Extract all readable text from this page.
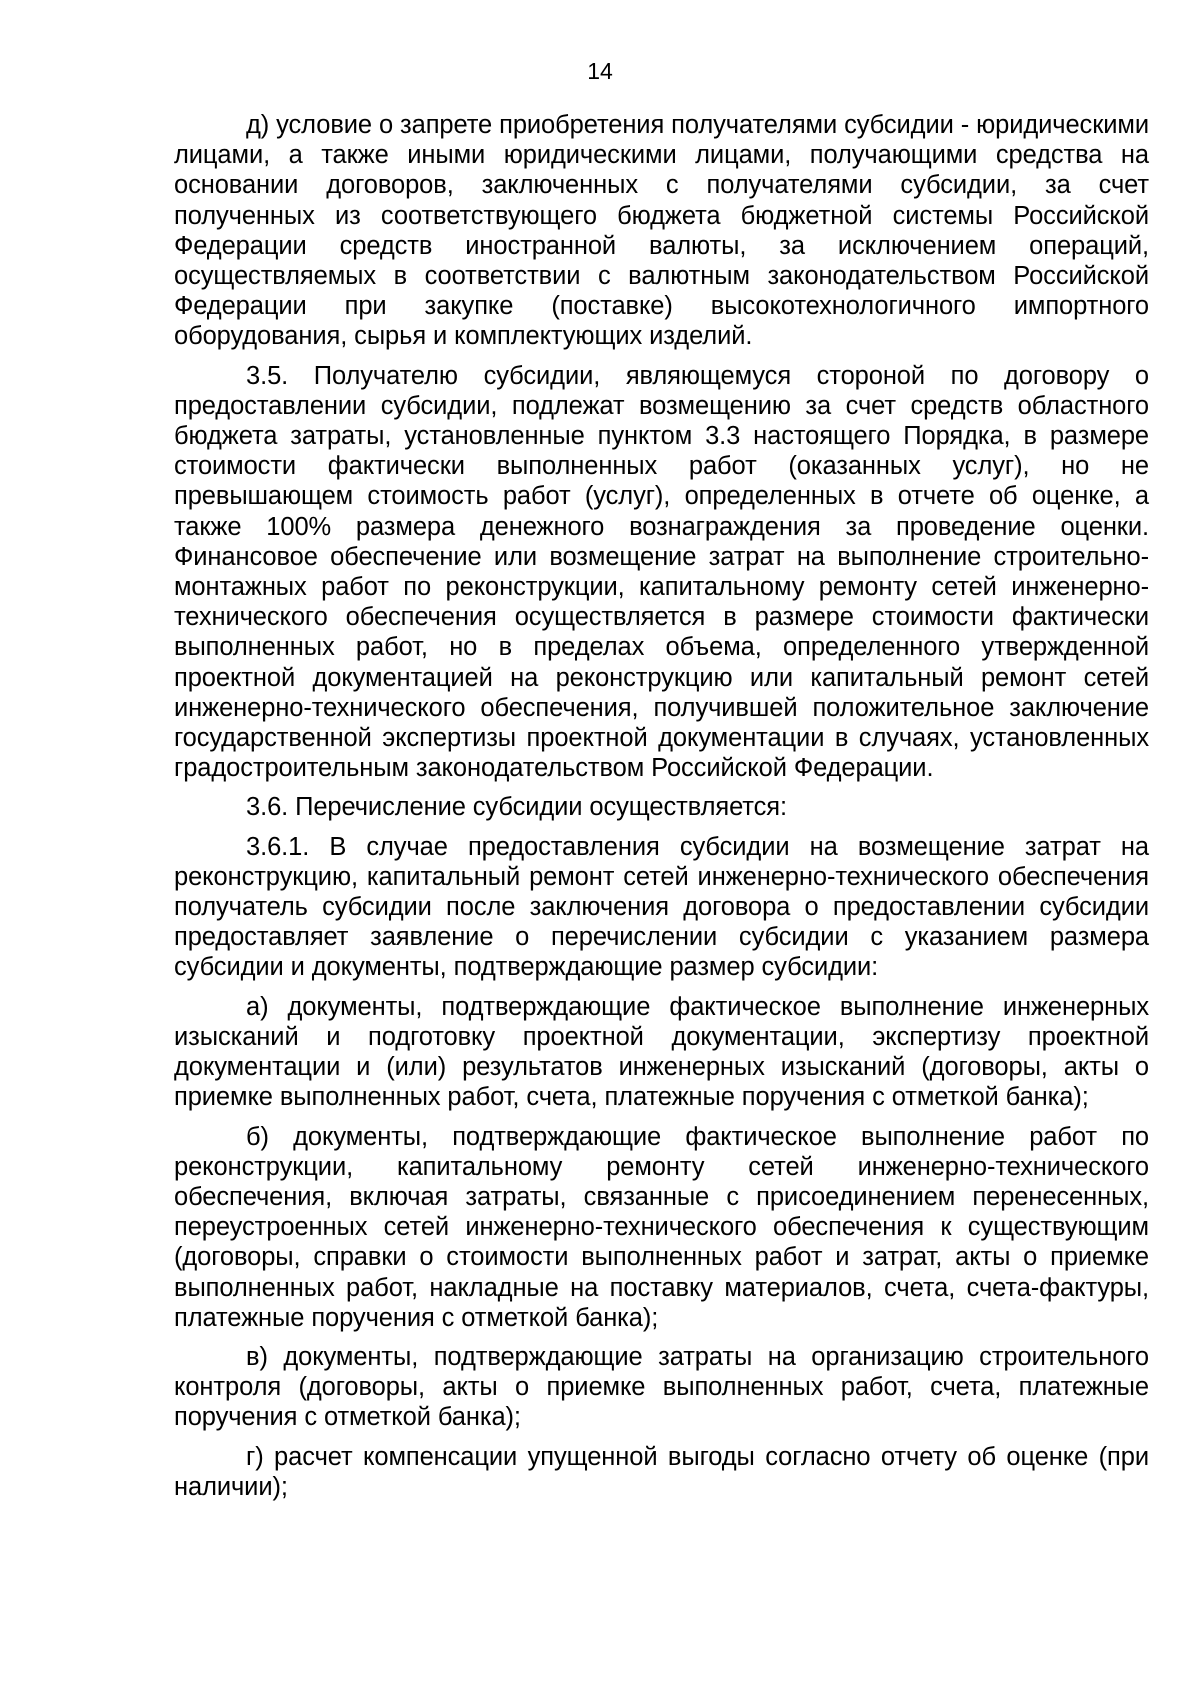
14

д) условие о запрете приобретения получателями субсидии - юридическими лицами, а также иными юридическими лицами, получающими средства на основании договоров, заключенных с получателями субсидии, за счет полученных из соответствующего бюджета бюджетной системы Российской Федерации средств иностранной валюты, за исключением операций, осуществляемых в соответствии с валютным законодательством Российской Федерации при закупке (поставке) высокотехнологичного импортного оборудования, сырья и комплектующих изделий.

3.5. Получателю субсидии, являющемуся стороной по договору о предоставлении субсидии, подлежат возмещению за счет средств областного бюджета затраты, установленные пунктом 3.3 настоящего Порядка, в размере стоимости фактически выполненных работ (оказанных услуг), но не превышающем стоимость работ (услуг), определенных в отчете об оценке, а также 100% размера денежного вознаграждения за проведение оценки. Финансовое обеспечение или возмещение затрат на выполнение строительно-монтажных работ по реконструкции, капитальному ремонту сетей инженерно-технического обеспечения осуществляется в размере стоимости фактически выполненных работ, но в пределах объема, определенного утвержденной проектной документацией на реконструкцию или капитальный ремонт сетей инженерно-технического обеспечения, получившей положительное заключение государственной экспертизы проектной документации в случаях, установленных градостроительным законодательством Российской Федерации.

3.6. Перечисление субсидии осуществляется:

3.6.1. В случае предоставления субсидии на возмещение затрат на реконструкцию, капитальный ремонт сетей инженерно-технического обеспечения получатель субсидии после заключения договора о предоставлении субсидии предоставляет заявление о перечислении субсидии с указанием размера субсидии и документы, подтверждающие размер субсидии:

а) документы, подтверждающие фактическое выполнение инженерных изысканий и подготовку проектной документации, экспертизу проектной документации и (или) результатов инженерных изысканий (договоры, акты о приемке выполненных работ, счета, платежные поручения с отметкой банка);

б) документы, подтверждающие фактическое выполнение работ по реконструкции, капитальному ремонту сетей инженерно-технического обеспечения, включая затраты, связанные с присоединением перенесенных, переустроенных сетей инженерно-технического обеспечения к существующим (договоры, справки о стоимости выполненных работ и затрат, акты о приемке выполненных работ, накладные на поставку материалов, счета, счета-фактуры, платежные поручения с отметкой банка);

в) документы, подтверждающие затраты на организацию строительного контроля (договоры, акты о приемке выполненных работ, счета, платежные поручения с отметкой банка);

г) расчет компенсации упущенной выгоды согласно отчету об оценке (при наличии);
